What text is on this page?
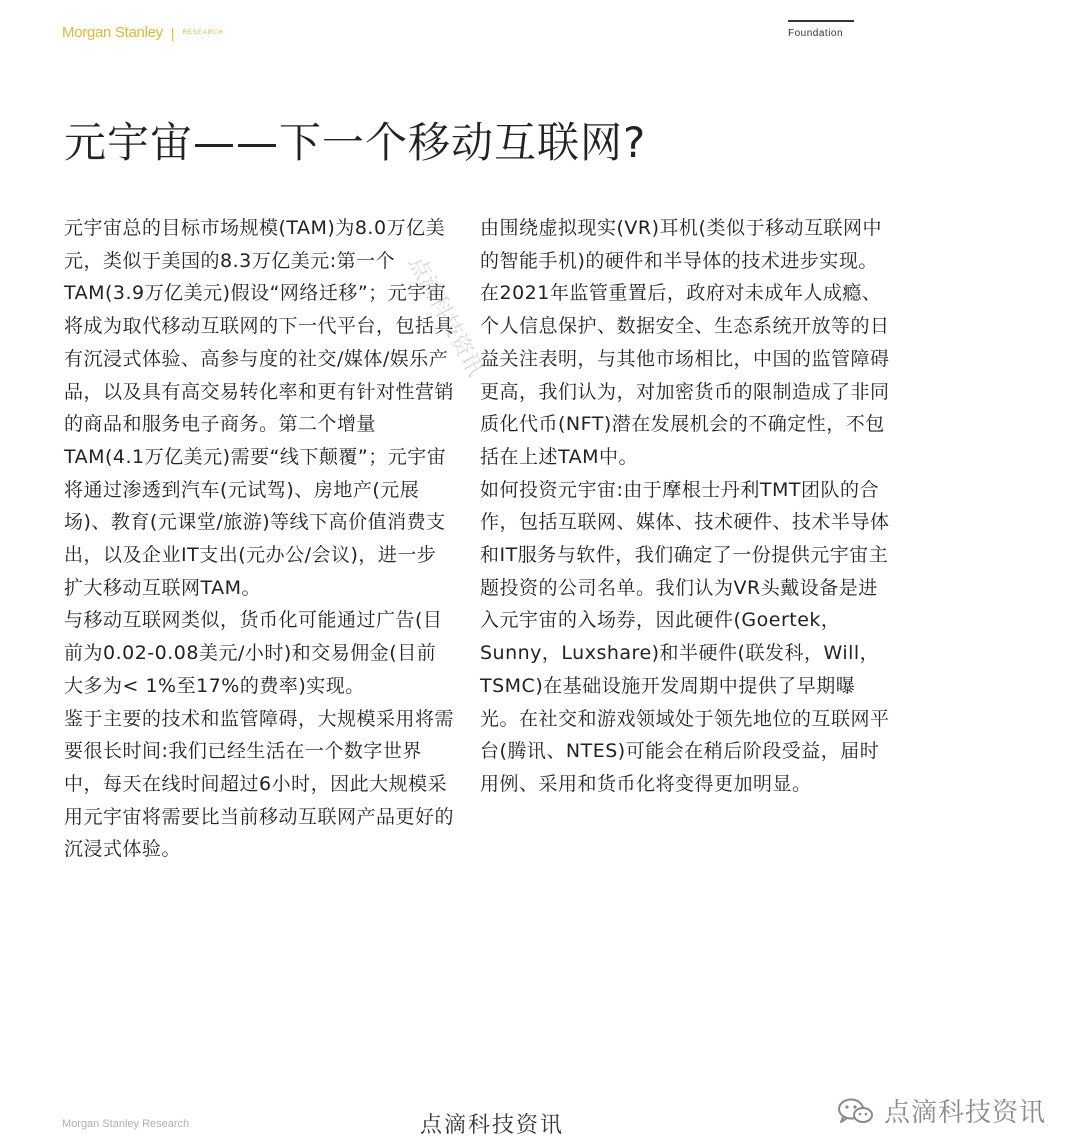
Morgan Stanley | RESEARCH	Foundation
元宇宙——下一个移动互联网?

元宇宙总的目标市场规模(TAM)为8.0万亿美元，类似于美国的8.3万亿美元:第一个TAM(3.9万亿美元)假设“网络迁移”；元宇宙将成为取代移动互联网的下一代平台，包括具有沉浸式体验、高参与度的社交/媒体/娱乐产品，以及具有高交易转化率和更有针对性营销的商品和服务电子商务。第二个增量TAM(4.1万亿美元)需要“线下颠覆”；元宇宙将通过渗透到汽车(元试驾)、房地产(元展场)、教育(元课堂/旅游)等线下高价值消费支出，以及企业IT支出(元办公/会议)，进一步扩大移动互联网TAM。

与移动互联网类似，货币化可能通过广告(目前为0.02-0.08美元/小时)和交易佣金(目前大多为< 1%至17%的费率)实现。

鉴于主要的技术和监管障碍，大规模采用将需要很长时间:我们已经生活在一个数字世界中，每天在线时间超过6小时，因此大规模采用元宇宙将需要比当前移动互联网产品更好的沉浸式体验。

由围绕虚拟现实(VR)耳机(类似于移动互联网中的智能手机)的硬件和半导体的技术进步实现。在2021年监管重置后，政府对未成年人成瘾、个人信息保护、数据安全、生态系统开放等的日益关注表明，与其他市场相比，中国的监管障碍更高，我们认为，对加密货币的限制造成了非同质化代币(NFT)潜在发展机会的不确定性，不包括在上述TAM中。

如何投资元宇宙:由于摩根士丹利TMT团队的合作，包括互联网、媒体、技术硬件、技术半导体和IT服务与软件，我们确定了一份提供元宇宙主题投资的公司名单。我们认为VR头戴设备是进入元宇宙的入场券，因此硬件(Goertek，Sunny，Luxshare)和半硬件(联发科，Will，TSMC)在基础设施开发周期中提供了早期曝光。在社交和游戏领域处于领先地位的互联网平台(腾讯、NTES)可能会在稍后阶段受益，届时用例、采用和货币化将变得更加明显。

点滴科技资讯
Morgan Stanley Research	点滴科技资讯	点滴科技资讯
